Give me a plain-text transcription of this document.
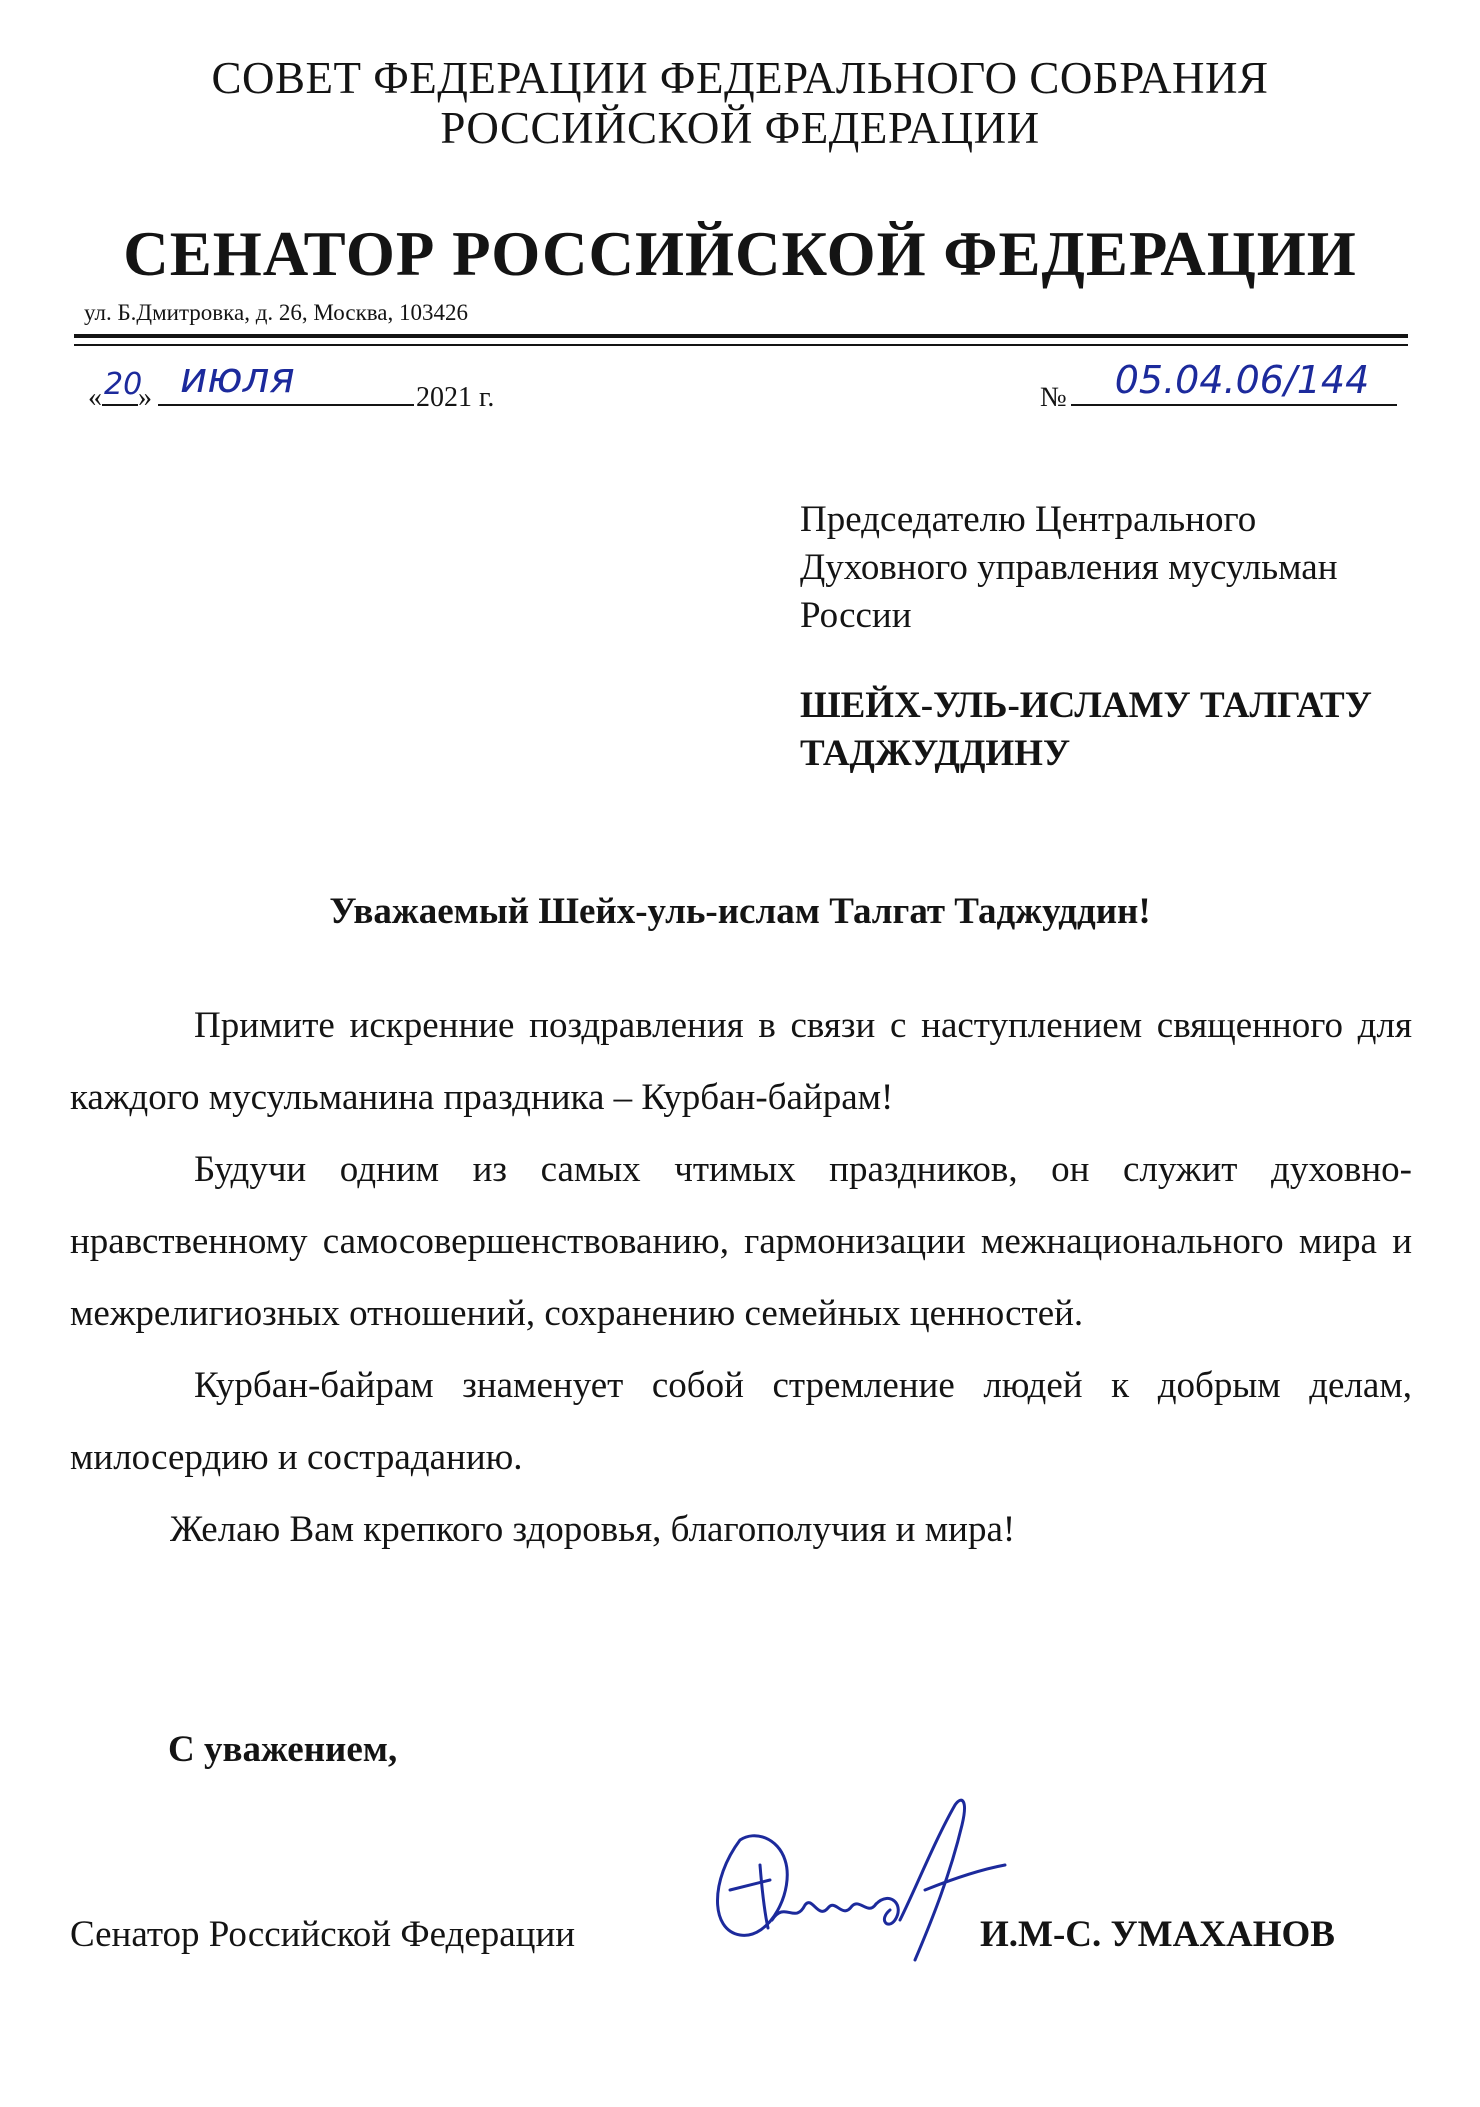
СОВЕТ ФЕДЕРАЦИИ ФЕДЕРАЛЬНОГО СОБРАНИЯ
РОССИЙСКОЙ ФЕДЕРАЦИИ
СЕНАТОР РОССИЙСКОЙ ФЕДЕРАЦИИ
ул. Б.Дмитровка, д. 26, Москва, 103426
« 20
» июля	2021 г.	№ 05.04.06/144
Председателю Центрального
Духовного управления мусульман
России
ШЕЙХ-УЛЬ-ИСЛАМУ ТАЛГАТУ
ТАДЖУДДИНУ
Уважаемый Шейх-уль-ислам Талгат Таджуддин!
Примите искренние поздравления в связи с наступлением священного для каждого мусульманина праздника – Курбан-байрам!
Будучи одним из самых чтимых праздников, он служит духовно-нравственному самосовершенствованию, гармонизации межнационального мира и межрелигиозных отношений, сохранению семейных ценностей.
Курбан-байрам знаменует собой стремление людей к добрым делам, милосердию и состраданию.
Желаю Вам крепкого здоровья, благополучия и мира!
С уважением,
Сенатор Российской Федерации	И.М-С. УМАХАНОВ
